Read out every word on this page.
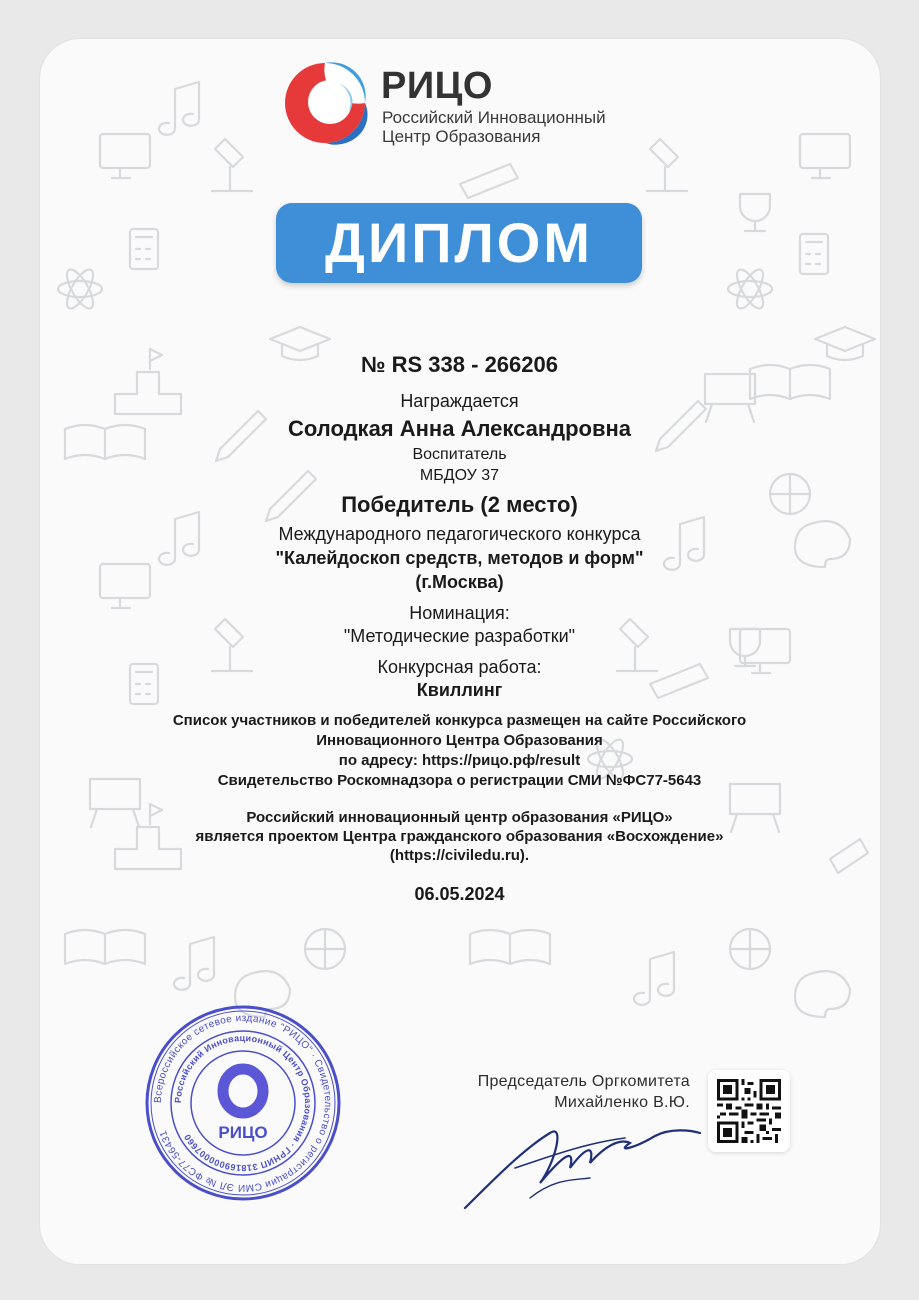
РИЦО
Российский Инновационный
Центр Образования
ДИПЛОМ
№ RS 338 - 266206
Награждается
Солодкая Анна Александровна
Воспитатель
МБДОУ 37
Победитель (2 место)
Международного педагогического конкурса
"Калейдоскоп средств, методов и форм"
(г.Москва)
Номинация:
"Методические разработки"
Конкурсная работа:
Квиллинг
Список участников и победителей конкурса размещен на сайте Российского
Инновационного Центра Образования
по адресу: https://рицо.рф/result
Свидетельство Роскомнадзора о регистрации СМИ №ФС77-5643
Российский инновационный центр образования «РИЦО»
является проектом Центра гражданского образования «Восхождение»
(https://civiledu.ru).
06.05.2024
Всероссийское сетевое издание "РИЦО" · Свидетельство о регистрации СМИ ЭЛ № ФС77-56431
Российский Инновационный Центр Образования · ГРНИП 318169000007660	РИЦО
Председатель Оргкомитета
Михайленко В.Ю.
